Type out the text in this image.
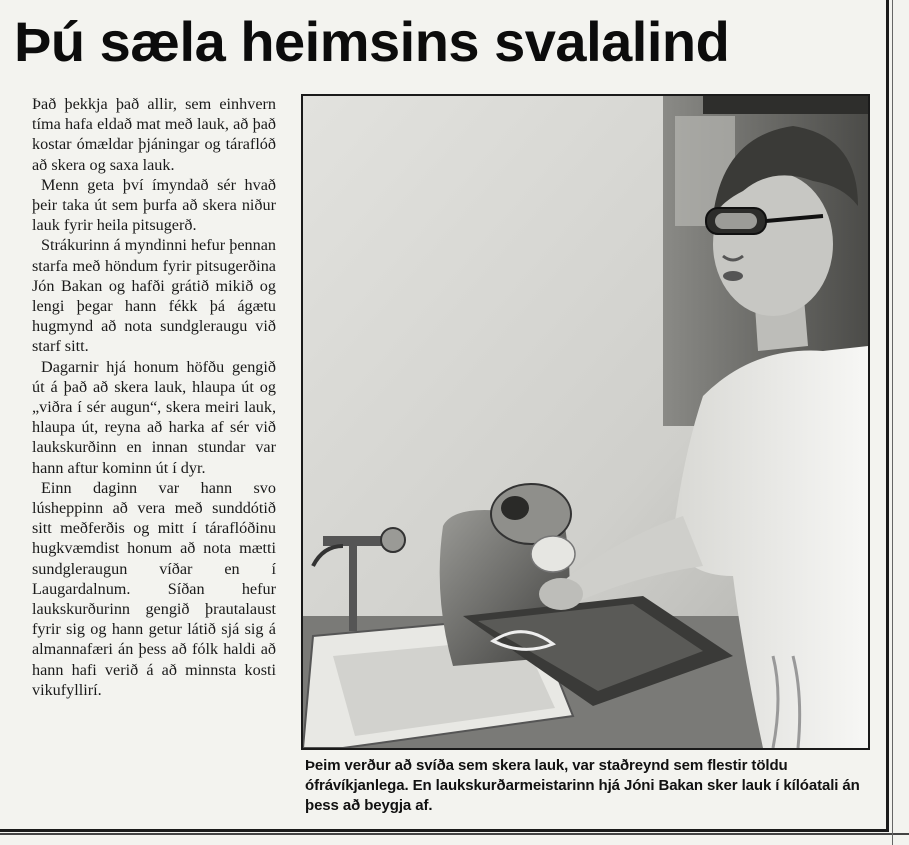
Þú sæla heimsins svalalind

Það þekkja það allir, sem einhvern tíma hafa eldað mat með lauk, að það kostar ómældar þjáningar og táraflóð að skera og saxa lauk.

Menn geta því ímyndað sér hvað þeir taka út sem þurfa að skera niður lauk fyrir heila pitsugerð.

Strákurinn á myndinni hefur þennan starfa með höndum fyrir pitsugerðina Jón Bakan og hafði grátið mikið og lengi þegar hann fékk þá ágætu hugmynd að nota sundgleraugu við starf sitt.

Dagarnir hjá honum höfðu gengið út á það að skera lauk, hlaupa út og „viðra í sér augun“, skera meiri lauk, hlaupa út, reyna að harka af sér við laukskurðinn en innan stundar var hann aftur kominn út í dyr.

Einn daginn var hann svo lúsheppinn að vera með sunddótið sitt meðferðis og mitt í táraflóðinu hugkvæmdist honum að nota mætti sundgleraugun víðar en í Laugardalnum. Síðan hefur laukskurðurinn gengið þrautalaust fyrir sig og hann getur látið sjá sig á almannafæri án þess að fólk haldi að hann hafi verið á að minnsta kosti vikufyllirí.

Þeim verður að svíða sem skera lauk, var staðreynd sem flestir töldu ófrávíkjanlega. En laukskurðarmeistarinn hjá Jóni Bakan sker lauk í kílóatali án þess að beygja af.
